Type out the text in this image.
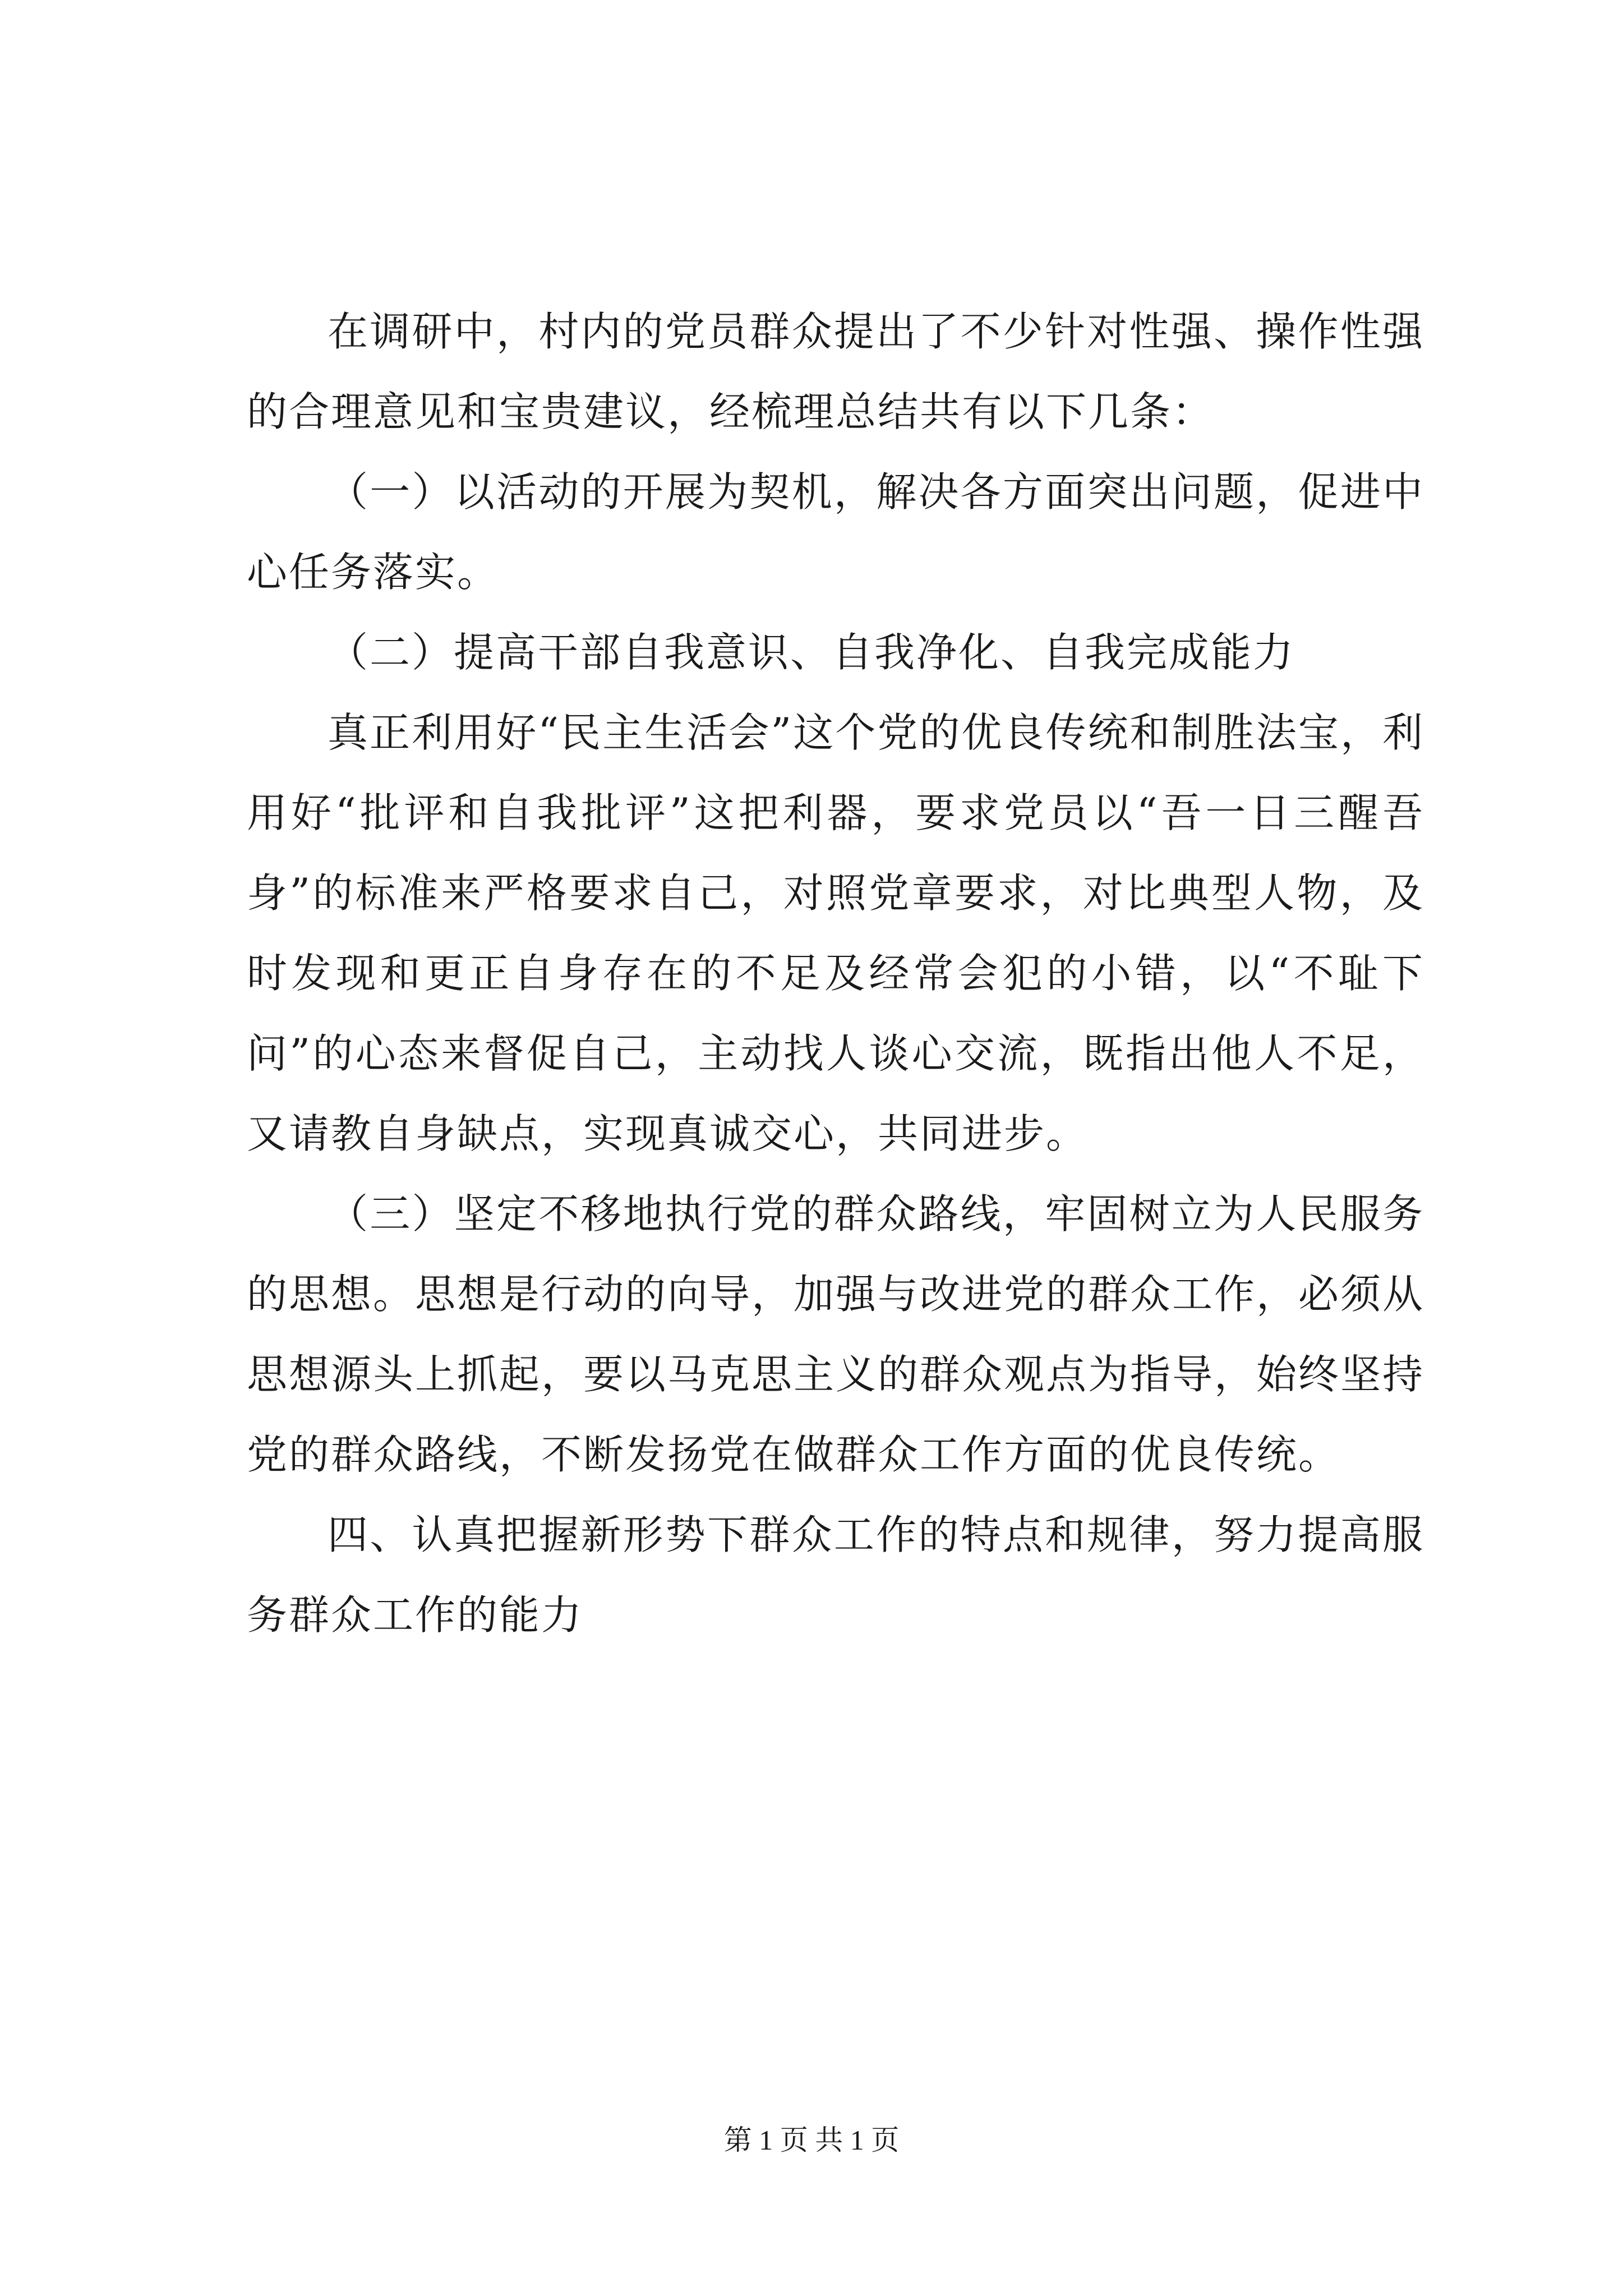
在调研中，村内的党员群众提出了不少针对性强、操作性强的合理意见和宝贵建议，经梳理总结共有以下几条：

（一）以活动的开展为契机，解决各方面突出问题，促进中心任务落实。

（二）提高干部自我意识、自我净化、自我完成能力

真正利用好“民主生活会”这个党的优良传统和制胜法宝，利用好“批评和自我批评”这把利器，要求党员以“吾一日三醒吾身”的标准来严格要求自己，对照党章要求，对比典型人物，及时发现和更正自身存在的不足及经常会犯的小错，以“不耻下问”的心态来督促自己，主动找人谈心交流，既指出他人不足，又请教自身缺点，实现真诚交心，共同进步。

（三）坚定不移地执行党的群众路线，牢固树立为人民服务的思想。思想是行动的向导，加强与改进党的群众工作，必须从思想源头上抓起，要以马克思主义的群众观点为指导，始终坚持党的群众路线，不断发扬党在做群众工作方面的优良传统。

四、认真把握新形势下群众工作的特点和规律，努力提高服务群众工作的能力

第 1 页 共 1 页
